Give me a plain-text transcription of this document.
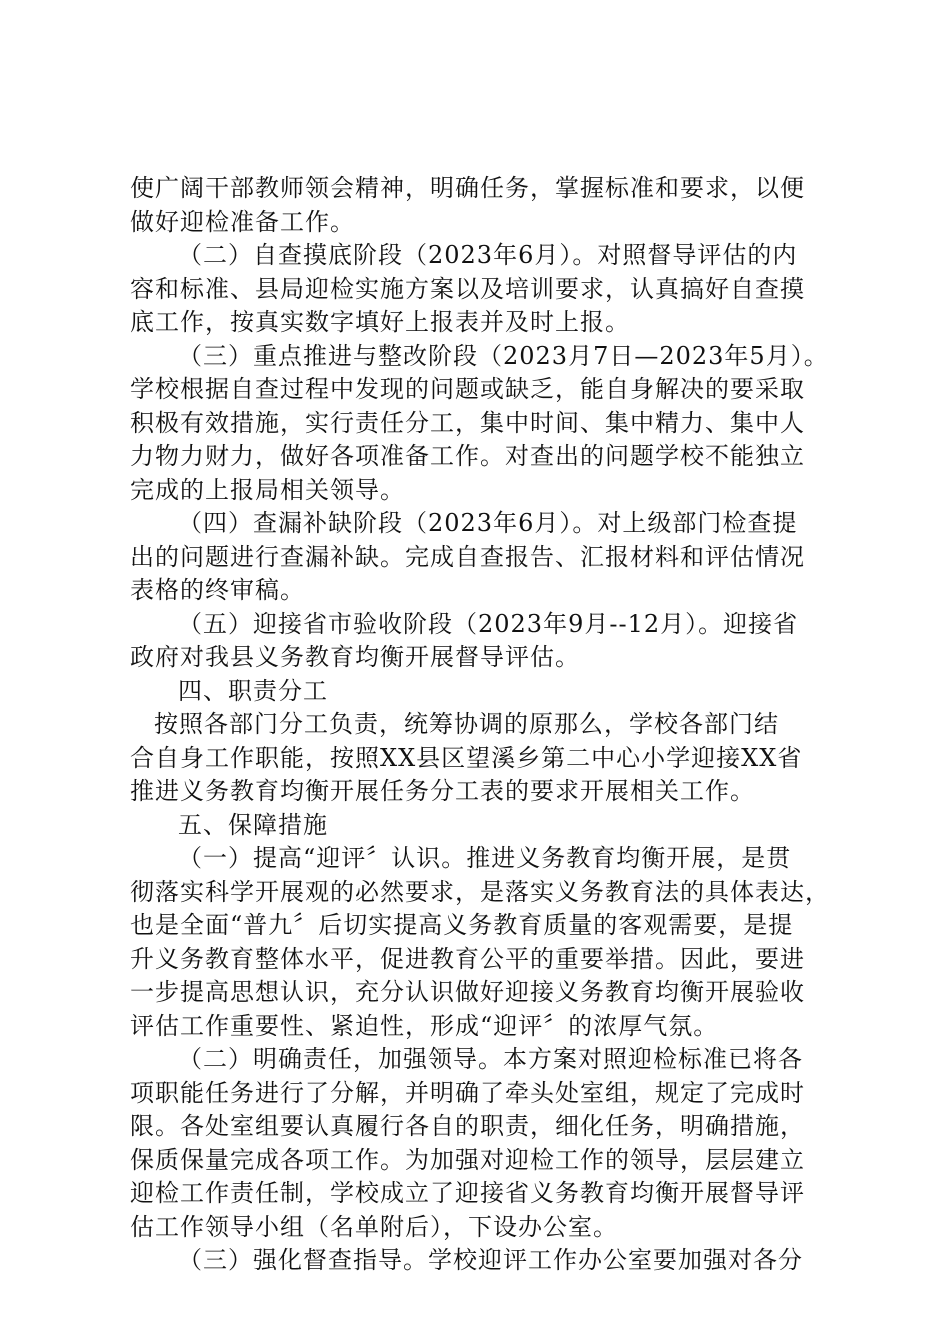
使广阔干部教师领会精神，明确任务，掌握标准和要求，以便
做好迎检准备工作。
（二）自查摸底阶段（2023年6月）。对照督导评估的内
容和标准、县局迎检实施方案以及培训要求，认真搞好自查摸
底工作，按真实数字填好上报表并及时上报。
（三）重点推进与整改阶段（2023月7日—2023年5月）。
学校根据自查过程中发现的问题或缺乏，能自身解决的要采取
积极有效措施，实行责任分工，集中时间、集中精力、集中人
力物力财力，做好各项准备工作。对查出的问题学校不能独立
完成的上报局相关领导。
（四）查漏补缺阶段（2023年6月）。对上级部门检查提
出的问题进行查漏补缺。完成自查报告、汇报材料和评估情况
表格的终审稿。
（五）迎接省市验收阶段（2023年9月--12月）。迎接省
政府对我县义务教育均衡开展督导评估。
四、职责分工
按照各部门分工负责，统筹协调的原那么，学校各部门结
合自身工作职能，按照XX县区望溪乡第二中心小学迎接XX省
推进义务教育均衡开展任务分工表的要求开展相关工作。
五、保障措施
（一）提高“迎评〞认识。推进义务教育均衡开展，是贯
彻落实科学开展观的必然要求，是落实义务教育法的具体表达，
也是全面“普九〞后切实提高义务教育质量的客观需要，是提
升义务教育整体水平，促进教育公平的重要举措。因此，要进
一步提高思想认识，充分认识做好迎接义务教育均衡开展验收
评估工作重要性、紧迫性，形成“迎评〞的浓厚气氛。
（二）明确责任，加强领导。本方案对照迎检标准已将各
项职能任务进行了分解，并明确了牵头处室组，规定了完成时
限。各处室组要认真履行各自的职责，细化任务，明确措施，
保质保量完成各项工作。为加强对迎检工作的领导，层层建立
迎检工作责任制，学校成立了迎接省义务教育均衡开展督导评
估工作领导小组（名单附后），下设办公室。
（三）强化督查指导。学校迎评工作办公室要加强对各分
